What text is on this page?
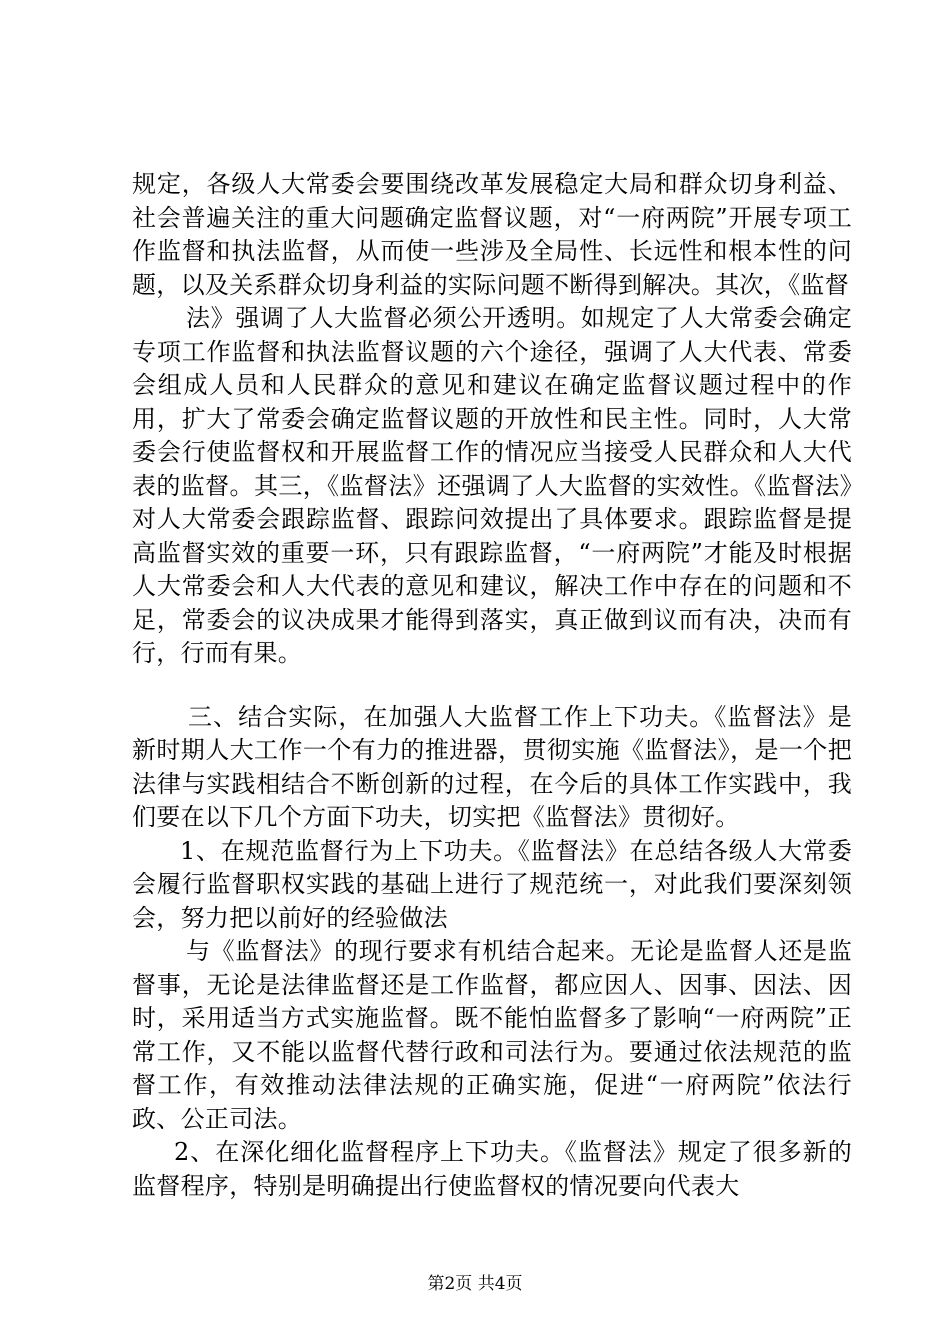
规定，各级人大常委会要围绕改革发展稳定大局和群众切身利益、社会普遍关注的重大问题确定监督议题，对“一府两院”开展专项工作监督和执法监督，从而使一些涉及全局性、长远性和根本性的问题，以及关系群众切身利益的实际问题不断得到解决。其次，《监督

法》强调了人大监督必须公开透明。如规定了人大常委会确定专项工作监督和执法监督议题的六个途径，强调了人大代表、常委会组成人员和人民群众的意见和建议在确定监督议题过程中的作用，扩大了常委会确定监督议题的开放性和民主性。同时，人大常委会行使监督权和开展监督工作的情况应当接受人民群众和人大代表的监督。其三，《监督法》还强调了人大监督的实效性。《监督法》对人大常委会跟踪监督、跟踪问效提出了具体要求。跟踪监督是提高监督实效的重要一环，只有跟踪监督，“一府两院”才能及时根据人大常委会和人大代表的意见和建议，解决工作中存在的问题和不足，常委会的议决成果才能得到落实，真正做到议而有决，决而有行，行而有果。

三、结合实际，在加强人大监督工作上下功夫。《监督法》是新时期人大工作一个有力的推进器，贯彻实施《监督法》，是一个把法律与实践相结合不断创新的过程，在今后的具体工作实践中，我们要在以下几个方面下功夫，切实把《监督法》贯彻好。

1、在规范监督行为上下功夫。《监督法》在总结各级人大常委会履行监督职权实践的基础上进行了规范统一，对此我们要深刻领会，努力把以前好的经验做法

与《监督法》的现行要求有机结合起来。无论是监督人还是监督事，无论是法律监督还是工作监督，都应因人、因事、因法、因时，采用适当方式实施监督。既不能怕监督多了影响“一府两院”正常工作，又不能以监督代替行政和司法行为。要通过依法规范的监督工作，有效推动法律法规的正确实施，促进“一府两院”依法行政、公正司法。

2、在深化细化监督程序上下功夫。《监督法》规定了很多新的监督程序，特别是明确提出行使监督权的情况要向代表大

第2页 共4页
